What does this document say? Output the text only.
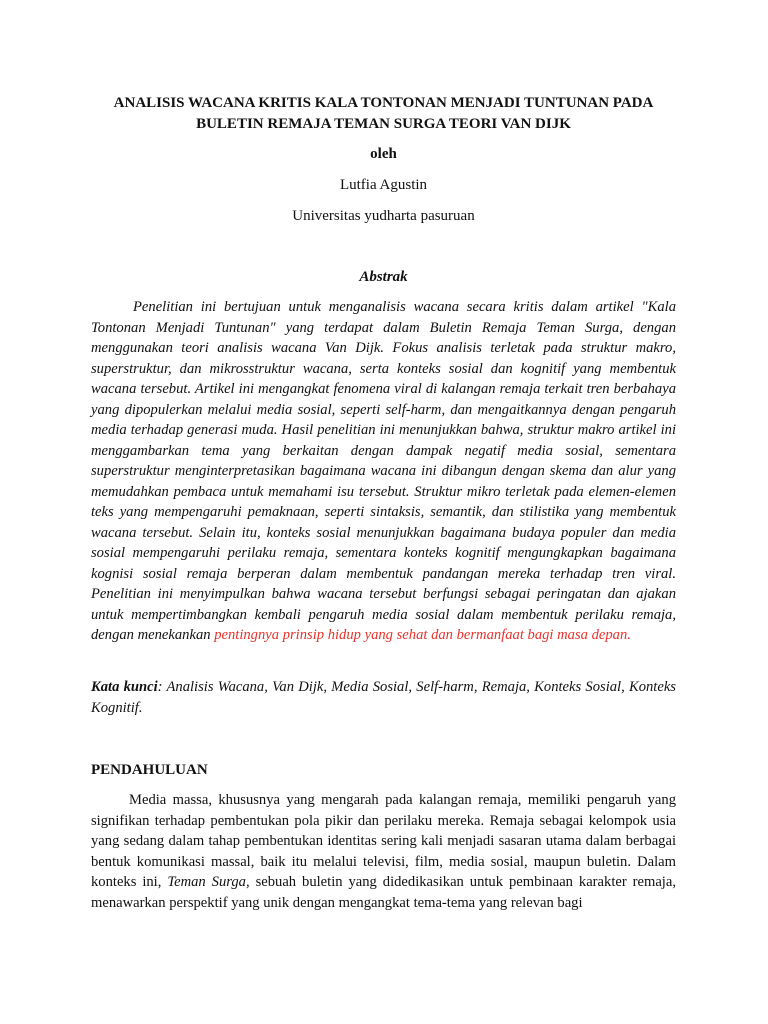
ANALISIS WACANA KRITIS KALA TONTONAN MENJADI TUNTUNAN PADA BULETIN REMAJA TEMAN SURGA TEORI VAN DIJK
oleh
Lutfia Agustin
Universitas yudharta pasuruan
Abstrak

Penelitian ini bertujuan untuk menganalisis wacana secara kritis dalam artikel "Kala Tontonan Menjadi Tuntunan" yang terdapat dalam Buletin Remaja Teman Surga, dengan menggunakan teori analisis wacana Van Dijk. Fokus analisis terletak pada struktur makro, superstruktur, dan mikrosstruktur wacana, serta konteks sosial dan kognitif yang membentuk wacana tersebut. Artikel ini mengangkat fenomena viral di kalangan remaja terkait tren berbahaya yang dipopulerkan melalui media sosial, seperti self-harm, dan mengaitkannya dengan pengaruh media terhadap generasi muda. Hasil penelitian ini menunjukkan bahwa, struktur makro artikel ini menggambarkan tema yang berkaitan dengan dampak negatif media sosial, sementara superstruktur menginterpretasikan bagaimana wacana ini dibangun dengan skema dan alur yang memudahkan pembaca untuk memahami isu tersebut. Struktur mikro terletak pada elemen-elemen teks yang mempengaruhi pemaknaan, seperti sintaksis, semantik, dan stilistika yang membentuk wacana tersebut. Selain itu, konteks sosial menunjukkan bagaimana budaya populer dan media sosial mempengaruhi perilaku remaja, sementara konteks kognitif mengungkapkan bagaimana kognisi sosial remaja berperan dalam membentuk pandangan mereka terhadap tren viral. Penelitian ini menyimpulkan bahwa wacana tersebut berfungsi sebagai peringatan dan ajakan untuk mempertimbangkan kembali pengaruh media sosial dalam membentuk perilaku remaja, dengan menekankan pentingnya prinsip hidup yang sehat dan bermanfaat bagi masa depan.

Kata kunci: Analisis Wacana, Van Dijk, Media Sosial, Self-harm, Remaja, Konteks Sosial, Konteks Kognitif.

PENDAHULUAN

Media massa, khususnya yang mengarah pada kalangan remaja, memiliki pengaruh yang signifikan terhadap pembentukan pola pikir dan perilaku mereka. Remaja sebagai kelompok usia yang sedang dalam tahap pembentukan identitas sering kali menjadi sasaran utama dalam berbagai bentuk komunikasi massal, baik itu melalui televisi, film, media sosial, maupun buletin. Dalam konteks ini, Teman Surga, sebuah buletin yang didedikasikan untuk pembinaan karakter remaja, menawarkan perspektif yang unik dengan mengangkat tema-tema yang relevan bagi
